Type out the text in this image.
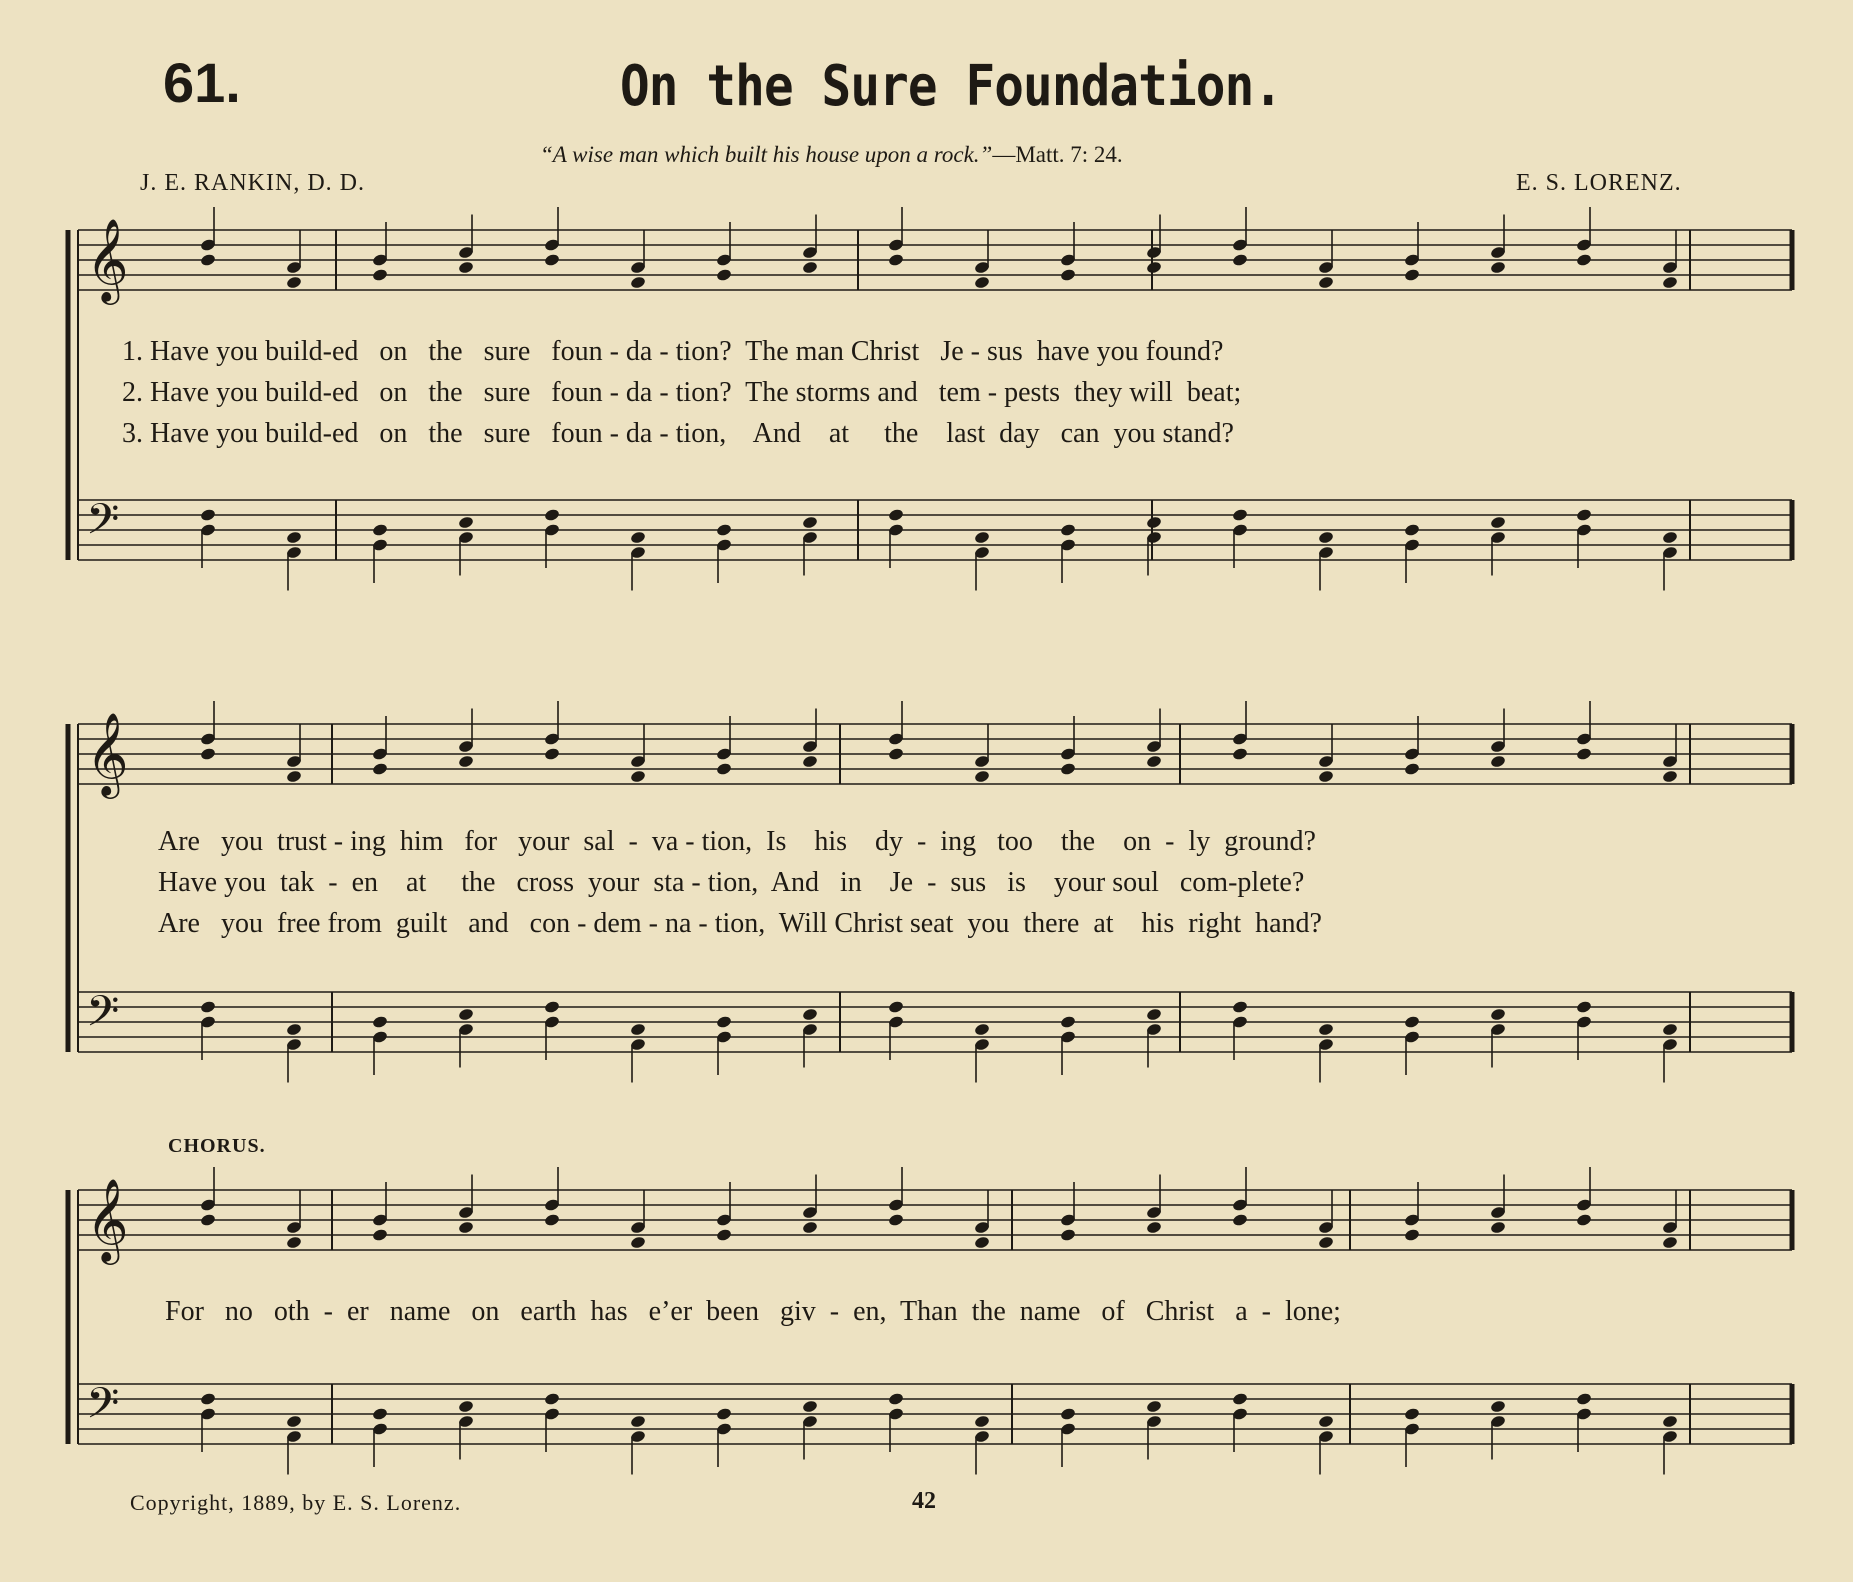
61.	On the Sure Foundation.
“A wise man which built his house upon a rock.”—Matt. 7: 24.
J. E. RANKIN, D. D.	E. S. LORENZ.
𝄞
𝄢
𝄞
𝄢
𝄞
𝄢
1. Have you build-ed   on   the   sure   foun - da - tion?  The man Christ   Je - sus  have you found?
2. Have you build-ed   on   the   sure   foun - da - tion?  The storms and   tem - pests  they will  beat;
3. Have you build-ed   on   the   sure   foun - da - tion,    And    at     the    last  day   can  you stand?
Are   you  trust - ing  him   for   your  sal  -  va - tion,  Is    his    dy  -  ing   too    the    on  -  ly  ground?
Have you  tak  -  en    at     the   cross  your  sta - tion,  And   in    Je  -  sus   is    your soul   com-plete?
Are   you  free from  guilt   and   con - dem - na - tion,  Will Christ seat  you  there  at    his  right  hand?
CHORUS.
For   no   oth  -  er   name   on   earth  has   e’er  been   giv  -  en,  Than  the  name   of   Christ   a  -  lone;
Copyright, 1889, by E. S. Lorenz.	42
